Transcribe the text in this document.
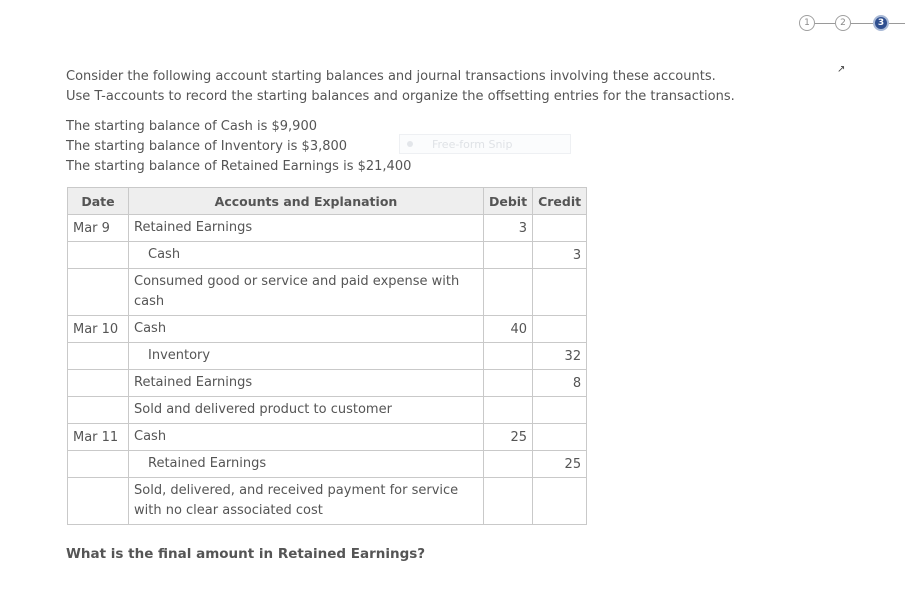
1	2	3
↗
Consider the following account starting balances and journal transactions involving these accounts.
Use T-accounts to record the starting balances and organize the offsetting entries for the transactions.
The starting balance of Cash is $9,900
The starting balance of Inventory is $3,800
The starting balance of Retained Earnings is $21,400
Free-form Snip
Date	Accounts and Explanation	Debit	Credit
Mar 9	Retained Earnings	3	
	Cash		3
	Consumed good or service and paid expense with cash		
Mar 10	Cash	40	
	Inventory		32
	Retained Earnings		8
	Sold and delivered product to customer		
Mar 11	Cash	25	
	Retained Earnings		25
	Sold, delivered, and received payment for service with no clear associated cost		
What is the final amount in Retained Earnings?
